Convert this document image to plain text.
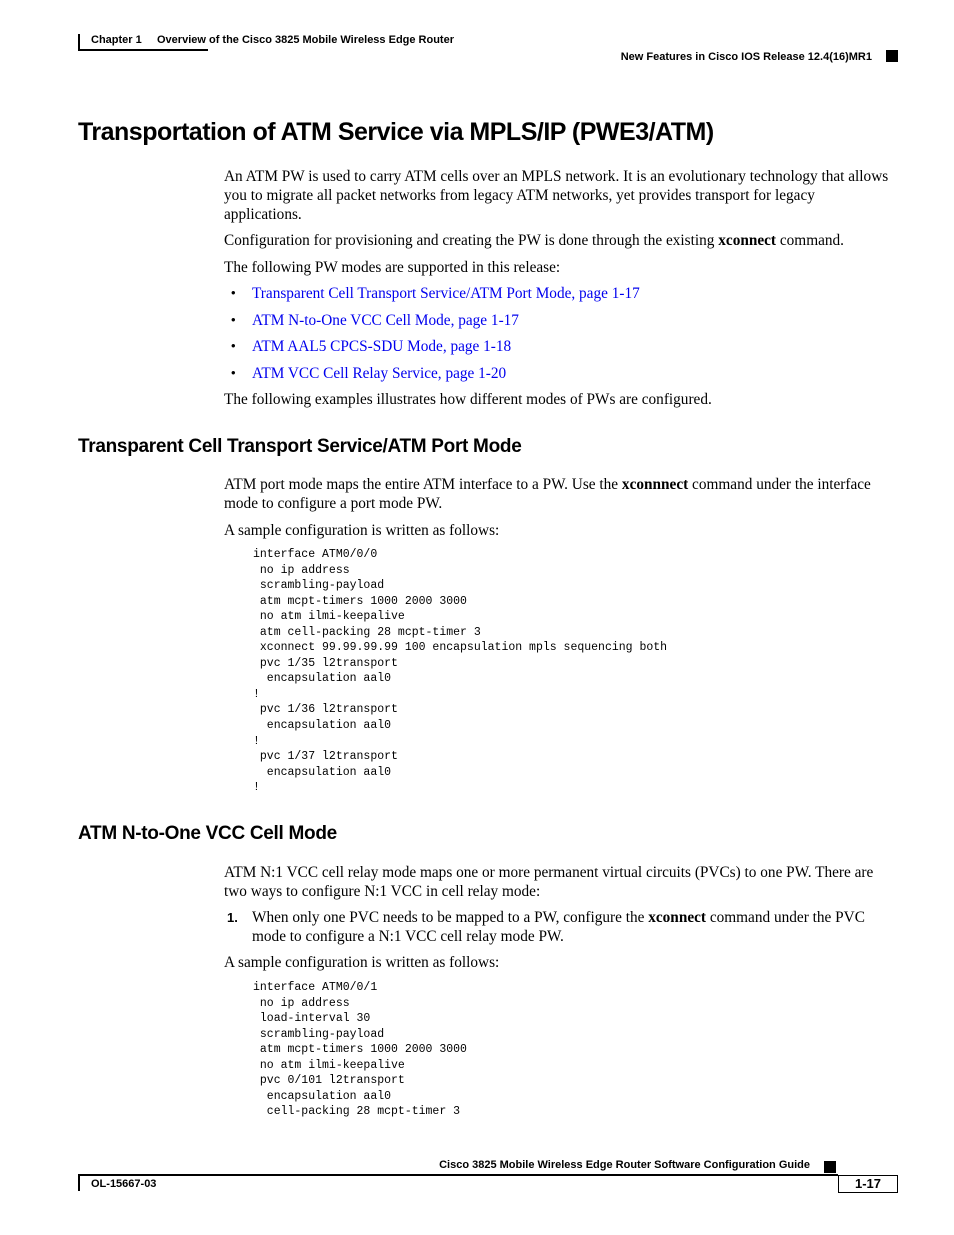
Chapter 1 Overview of the Cisco 3825 Mobile Wireless Edge Router
New Features in Cisco IOS Release 12.4(16)MR1
Transportation of ATM Service via MPLS/IP (PWE3/ATM)
An ATM PW is used to carry ATM cells over an MPLS network. It is an evolutionary technology that allows you to migrate all packet networks from legacy ATM networks, yet provides transport for legacy applications.
Configuration for provisioning and creating the PW is done through the existing xconnect command.
The following PW modes are supported in this release:
• Transparent Cell Transport Service/ATM Port Mode, page 1-17
• ATM N-to-One VCC Cell Mode, page 1-17
• ATM AAL5 CPCS-SDU Mode, page 1-18
• ATM VCC Cell Relay Service, page 1-20
The following examples illustrates how different modes of PWs are configured.
Transparent Cell Transport Service/ATM Port Mode
ATM port mode maps the entire ATM interface to a PW. Use the xconnnect command under the interface mode to configure a port mode PW.
A sample configuration is written as follows:
interface ATM0/0/0
no ip address
scrambling-payload
atm mcpt-timers 1000 2000 3000
no atm ilmi-keepalive
atm cell-packing 28 mcpt-timer 3
xconnect 99.99.99.99 100 encapsulation mpls sequencing both
pvc 1/35 l2transport
encapsulation aal0
!
pvc 1/36 l2transport
encapsulation aal0
!
pvc 1/37 l2transport
encapsulation aal0
!
ATM N-to-One VCC Cell Mode
ATM N:1 VCC cell relay mode maps one or more permanent virtual circuits (PVCs) to one PW. There are two ways to configure N:1 VCC in cell relay mode:
1. When only one PVC needs to be mapped to a PW, configure the xconnect command under the PVC mode to configure a N:1 VCC cell relay mode PW.
A sample configuration is written as follows:
interface ATM0/0/1
no ip address
load-interval 30
scrambling-payload
atm mcpt-timers 1000 2000 3000
no atm ilmi-keepalive
pvc 0/101 l2transport
encapsulation aal0
cell-packing 28 mcpt-timer 3
Cisco 3825 Mobile Wireless Edge Router Software Configuration Guide
OL-15667-03	1-17
